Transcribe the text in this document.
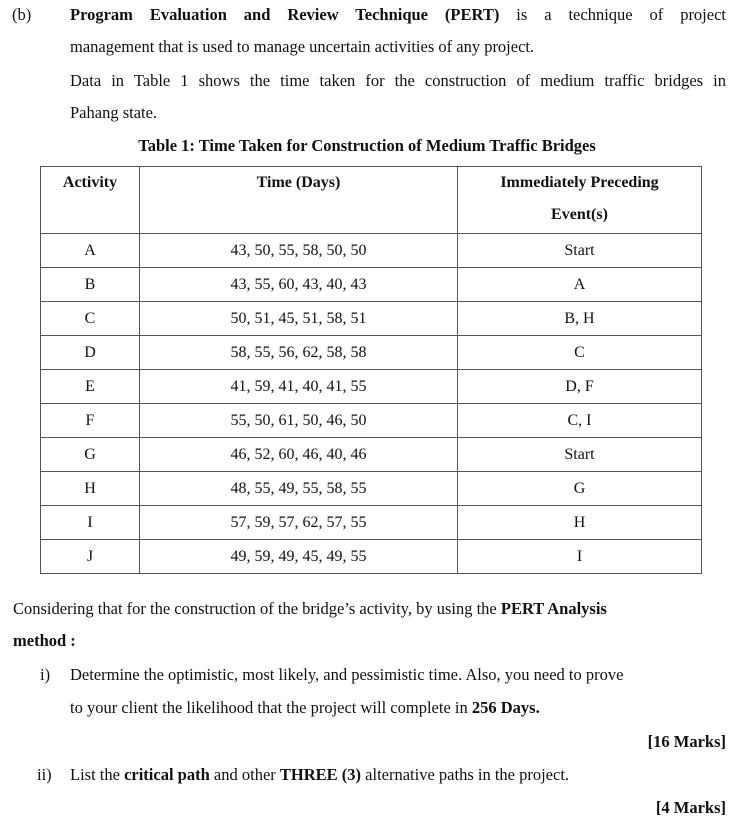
(b) Program Evaluation and Review Technique (PERT) is a technique of project
management that is used to manage uncertain activities of any project.
Data in Table 1 shows the time taken for the construction of medium traffic bridges in
Pahang state.
Table 1: Time Taken for Construction of Medium Traffic Bridges
Activity	Time (Days)	Immediately Preceding
Event(s)
A	43, 50, 55, 58, 50, 50	Start
B	43, 55, 60, 43, 40, 43	A
C	50, 51, 45, 51, 58, 51	B, H
D	58, 55, 56, 62, 58, 58	C
E	41, 59, 41, 40, 41, 55	D, F
F	55, 50, 61, 50, 46, 50	C, I
G	46, 52, 60, 46, 40, 46	Start
H	48, 55, 49, 55, 58, 55	G
I	57, 59, 57, 62, 57, 55	H
J	49, 59, 49, 45, 49, 55	I
Considering that for the construction of the bridge’s activity, by using the PERT Analysis
method :
i) Determine the optimistic, most likely, and pessimistic time. Also, you need to prove
to your client the likelihood that the project will complete in 256 Days.
[16 Marks]
ii) List the critical path and other THREE (3) alternative paths in the project.
[4 Marks]
